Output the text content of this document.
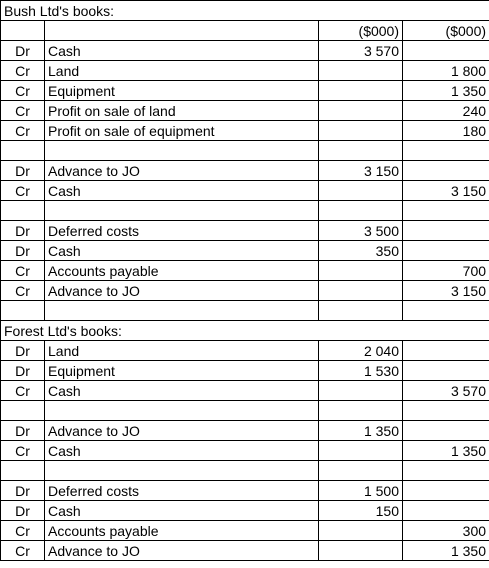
Bush Ltd's books:			
		($000)	($000)
Dr	Cash	3 570	
Cr	Land		1 800
Cr	Equipment		1 350
Cr	Profit on sale of land		240
Cr	Profit on sale of equipment		180

Dr	Advance to JO	3 150	
Cr	Cash		3 150

Dr	Deferred costs	3 500	
Dr	Cash	350	
Cr	Accounts payable		700
Cr	Advance to JO		3 150

Forest Ltd's books:			
Dr	Land	2 040	
Dr	Equipment	1 530	
Cr	Cash		3 570

Dr	Advance to JO	1 350	
Cr	Cash		1 350

Dr	Deferred costs	1 500	
Dr	Cash	150	
Cr	Accounts payable		300
Cr	Advance to JO		1 350
